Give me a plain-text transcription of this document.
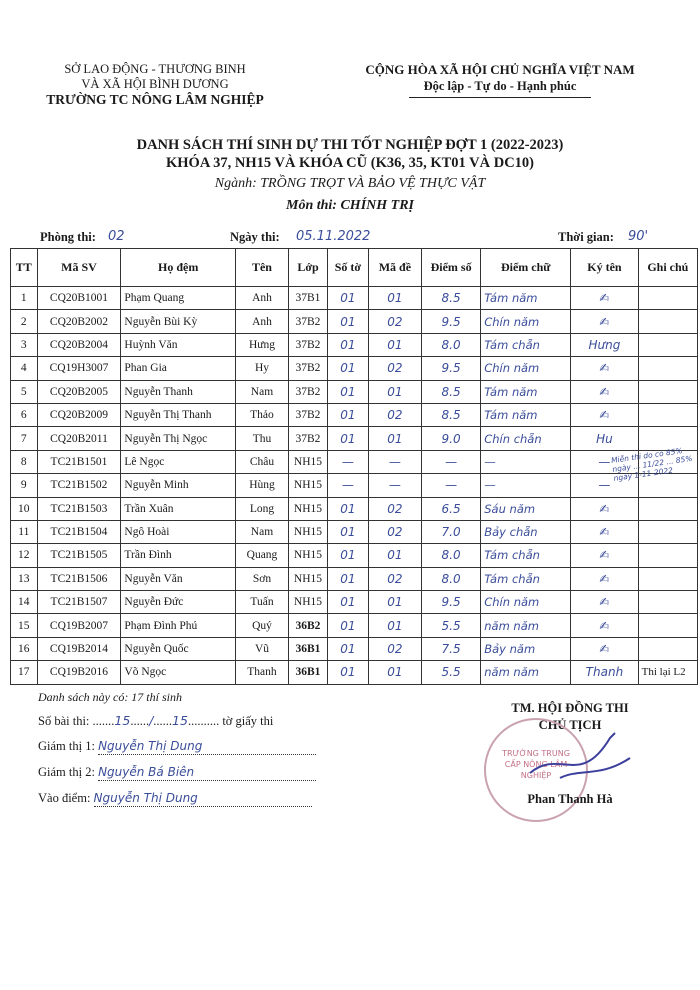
SỞ LAO ĐỘNG - THƯƠNG BINH
VÀ XÃ HỘI BÌNH DƯƠNG
TRƯỜNG TC NÔNG LÂM NGHIỆP
CỘNG HÒA XÃ HỘI CHỦ NGHĨA VIỆT NAM
Độc lập - Tự do - Hạnh phúc
DANH SÁCH THÍ SINH DỰ THI TỐT NGHIỆP ĐỢT 1 (2022-2023)
KHÓA 37, NH15 VÀ KHÓA CŨ (K36, 35, KT01 VÀ DC10)
Ngành: TRỒNG TRỌT VÀ BẢO VỆ THỰC VẬT
Môn thi: CHÍNH TRỊ
Phòng thi: 02	Ngày thi: 05.11.2022	Thời gian: 90'
TT	Mã SV	Họ đệm	Tên	Lớp	Số tờ	Mã đề	Điểm số	Điểm chữ	Ký tên	Ghi chú
1	CQ20B1001	Phạm Quang	Anh	37B1	01	01	8.5	Tám năm	✍	
2	CQ20B2002	Nguyễn Bùi Kỳ	Anh	37B2	01	02	9.5	Chín năm	✍	
3	CQ20B2004	Huỳnh Văn	Hưng	37B2	01	01	8.0	Tám chẵn	Hưng	
4	CQ19H3007	Phan Gia	Hy	37B2	01	02	9.5	Chín năm	✍	
5	CQ20B2005	Nguyễn Thanh	Nam	37B2	01	01	8.5	Tám năm	✍	
6	CQ20B2009	Nguyễn Thị Thanh	Thảo	37B2	01	02	8.5	Tám năm	✍	
7	CQ20B2011	Nguyễn Thị Ngọc	Thu	37B2	01	01	9.0	Chín chẵn	Hu	
8	TC21B1501	Lê Ngọc	Châu	NH15	—	—	—	—	—	
9	TC21B1502	Nguyễn Minh	Hùng	NH15	—	—	—	—	—	
10	TC21B1503	Trần Xuân	Long	NH15	01	02	6.5	Sáu năm	✍	
11	TC21B1504	Ngô Hoài	Nam	NH15	01	02	7.0	Bảy chẵn	✍	
12	TC21B1505	Trần Đình	Quang	NH15	01	01	8.0	Tám chẵn	✍	
13	TC21B1506	Nguyễn Văn	Sơn	NH15	01	02	8.0	Tám chẵn	✍	
14	TC21B1507	Nguyễn Đức	Tuấn	NH15	01	01	9.5	Chín năm	✍	
15	CQ19B2007	Phạm Đình Phú	Quý	36B2	01	01	5.5	năm năm	✍	
16	CQ19B2014	Nguyễn Quốc	Vũ	36B1	01	02	7.5	Bảy năm	✍	
17	CQ19B2016	Võ Ngọc	Thanh	36B1	01	01	5.5	năm năm	Thanh	Thi lại L2
Miễn thi do có 85% ngày ... 11/22 ... 85% ngày 1-11-2022
Danh sách này có: 17 thí sinh
Số bài thi: .......15....../......15.......... tờ giấy thi
Giám thị 1: Nguyễn Thị Dung
Giám thị 2: Nguyễn Bá Biên
Vào điểm: Nguyễn Thị Dung
TM. HỘI ĐỒNG THI
CHỦ TỊCH
TRƯỜNG TRUNG CẤP NÔNG LÂM NGHIỆP
Phan Thanh Hà
